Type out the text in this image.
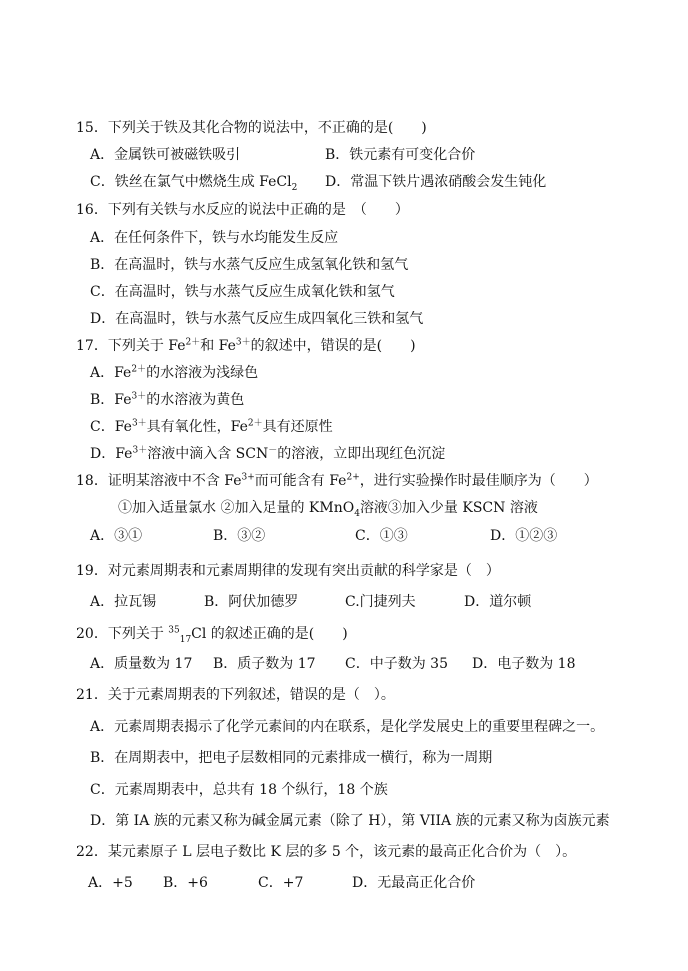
15．下列关于铁及其化合物的说法中，不正确的是(　　)
A．金属铁可被磁铁吸引	B．铁元素有可变化合价
C．铁丝在氯气中燃烧生成 FeCl$_2$ D．常温下铁片遇浓硝酸会发生钝化
16．下列有关铁与水反应的说法中正确的是　（　　）
A．在任何条件下，铁与水均能发生反应
B．在高温时，铁与水蒸气反应生成氢氧化铁和氢气
C．在高温时，铁与水蒸气反应生成氧化铁和氢气
D．在高温时，铁与水蒸气反应生成四氧化三铁和氢气
17．下列关于 $Fe^{2+}$和 $Fe^{3+}$的叙述中，错误的是(　　)
A．$Fe^{2+}$的水溶液为浅绿色
B．$Fe^{3+}$的水溶液为黄色
C．$Fe^{3+}$具有氧化性，$Fe^{2+}$具有还原性
D．$Fe^{3+}$溶液中滴入含 SCN－的溶液，立即出现红色沉淀
18．证明某溶液中不含 $Fe^{3+}$而可能含有 $Fe^{2+}$，进行实验操作时最佳顺序为（　　）
①加入适量氯水 ②加入足量的 KMnO$_4$溶液③加入少量 KSCN 溶液
A．③①	B．③②	C．①③	D．①②③
19．对元素周期表和元素周期律的发现有突出贡献的科学家是（　）
A．拉瓦锡	B．阿伏加德罗	C.门捷列夫	D．道尔顿
20．下列关于 $^{35}_{17}$Cl 的叙述正确的是(　　)
A．质量数为 17 B．质子数为 17 C．中子数为 35 D．电子数为 18
21．关于元素周期表的下列叙述，错误的是（　）。
A．元素周期表揭示了化学元素间的内在联系，是化学发展史上的重要里程碑之一。
B．在周期表中，把电子层数相同的元素排成一横行，称为一周期
C．元素周期表中，总共有 18 个纵行，18 个族
D．第 IA 族的元素又称为碱金属元素（除了 H），第 VIIA 族的元素又称为卤族元素
22．某元素原子 L 层电子数比 K 层的多 5 个，该元素的最高正化合价为（　）。
A．+5 B．+6	C．+7	D．无最高正化合价
